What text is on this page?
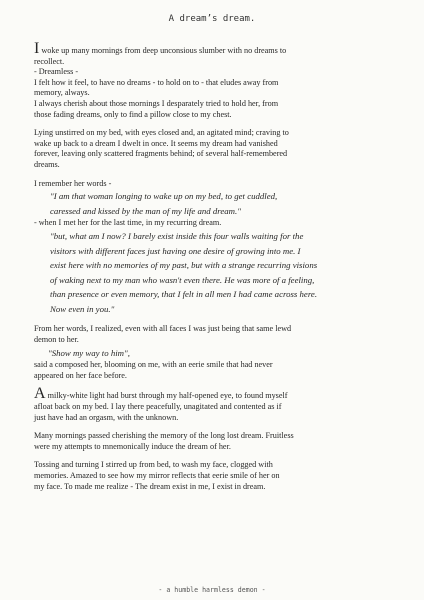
A dream’s dream.

I woke up many mornings from deep unconsious slumber with no dreams to
recollect.
- Dreamless -
I felt how it feel, to have no dreams - to hold on to - that eludes away from
memory, always.
I always cherish about those mornings I desparately tried to hold her, from
those fading dreams, only to find a pillow close to my chest.

Lying unstirred on my bed, with eyes closed and, an agitated mind; craving to
wake up back to a dream I dwelt in once. It seems my dream had vanished
forever, leaving only scattered fragments behind; of several half-remembered
dreams.

I remember her words -
"I am that woman longing to wake up on my bed, to get cuddled,
caressed and kissed by the man of my life and dream."
- when I met her for the last time, in my recurring dream.
"but, what am I now? I barely exist inside this four walls waiting for the
visitors with different faces just having one desire of growing into me. I
exist here with no memories of my past, but with a strange recurring visions
of waking next to my man who wasn't even there. He was more of a feeling,
than presence or even memory, that I felt in all men I had came across here.
Now even in you."

From her words, I realized, even with all faces I was just being that same lewd
demon to her.
"Show my way to him",
said a composed her, blooming on me, with an eerie smile that had never
appeared on her face before.

A milky-white light had burst through my half-opened eye, to found myself
afloat back on my bed. I lay there peacefully, unagitated and contented as if
just have had an orgasm, with the unknown.

Many mornings passed cherishing the memory of the long lost dream. Fruitless
were my attempts to mnemonically induce the dream of her.

Tossing and turning I stirred up from bed, to wash my face, clogged with
memories. Amazed to see how my mirror reflects that eerie smile of her on
my face. To made me realize - The dream exist in me, I exist in dream.

- a humble harmless demon -
